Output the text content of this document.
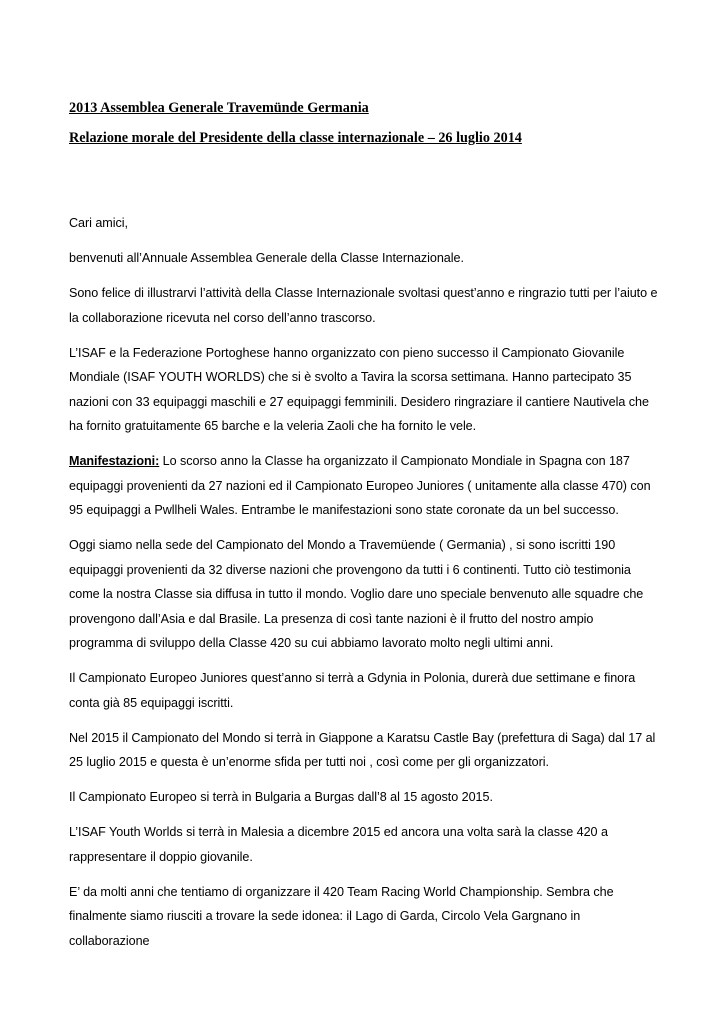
2013 Assemblea Generale Travemünde Germania

Relazione morale del Presidente della classe internazionale – 26 luglio 2014

Cari amici,

benvenuti all’Annuale Assemblea Generale della Classe Internazionale.

Sono felice di illustrarvi l’attività della Classe Internazionale svoltasi quest’anno e ringrazio tutti per l’aiuto e la collaborazione ricevuta nel corso dell’anno trascorso.

L’ISAF e la Federazione Portoghese hanno organizzato con pieno successo il Campionato Giovanile Mondiale (ISAF YOUTH WORLDS) che si è svolto a Tavira la scorsa settimana. Hanno partecipato 35 nazioni con 33 equipaggi maschili e 27 equipaggi femminili. Desidero ringraziare il cantiere Nautivela che ha fornito gratuitamente 65 barche e la veleria Zaoli che ha fornito le vele.

Manifestazioni: Lo scorso anno la Classe ha organizzato il Campionato Mondiale in Spagna con 187 equipaggi provenienti da 27 nazioni ed il Campionato Europeo Juniores ( unitamente alla classe 470) con 95 equipaggi a Pwllheli Wales. Entrambe le manifestazioni sono state coronate da un bel successo.

Oggi siamo nella sede del Campionato del Mondo a Travemüende ( Germania) , si sono iscritti 190 equipaggi provenienti da 32 diverse nazioni che provengono da tutti i 6 continenti. Tutto ciò testimonia come la nostra Classe sia diffusa in tutto il mondo. Voglio dare uno speciale benvenuto alle squadre che provengono dall’Asia e dal Brasile. La presenza di così tante nazioni è il frutto del nostro ampio programma di sviluppo della Classe 420 su cui abbiamo lavorato molto negli ultimi anni.

Il Campionato Europeo Juniores quest’anno si terrà a Gdynia in Polonia, durerà due settimane e finora conta già 85 equipaggi iscritti.

Nel 2015 il Campionato del Mondo si terrà in Giappone a Karatsu Castle Bay (prefettura di Saga) dal 17 al 25 luglio 2015 e questa è un’enorme sfida per tutti noi , così come per gli organizzatori.

Il Campionato Europeo si terrà in Bulgaria a Burgas dall’8 al 15 agosto 2015.

L’ISAF Youth Worlds si terrà in Malesia a dicembre 2015 ed ancora una volta sarà la classe 420 a rappresentare il doppio giovanile.

E’ da molti anni che tentiamo di organizzare il 420 Team Racing World Championship. Sembra che finalmente siamo riusciti a trovare la sede idonea: il Lago di Garda, Circolo Vela Gargnano in collaborazione
